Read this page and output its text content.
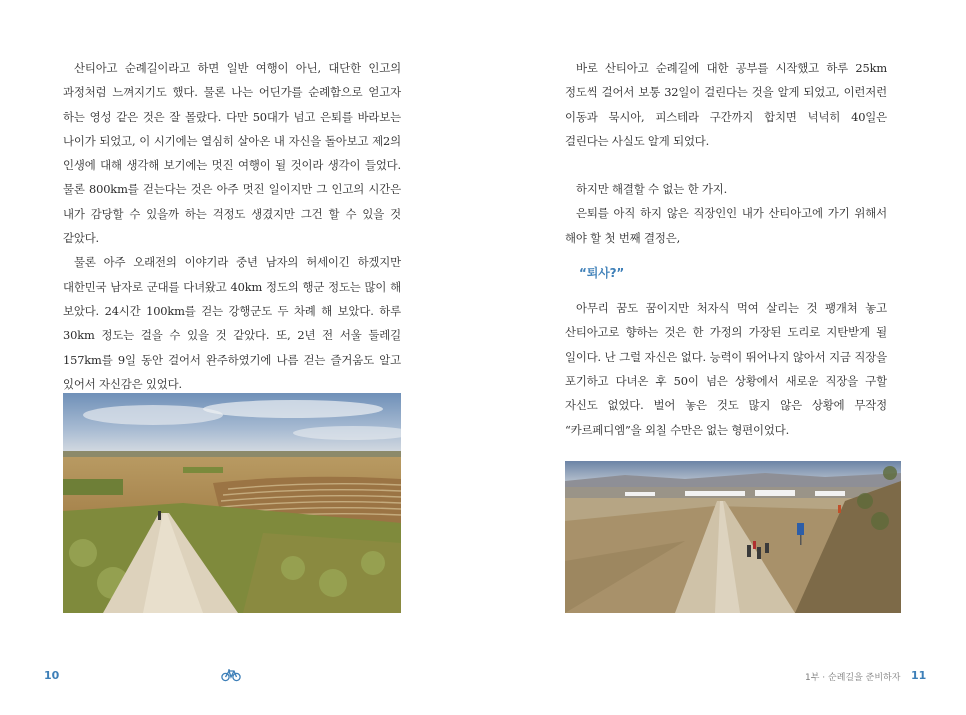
산티아고 순례길이라고 하면 일반 여행이 아닌, 대단한 인고의 과정처럼 느껴지기도 했다. 물론 나는 어딘가를 순례함으로 얻고자 하는 영성 같은 것은 잘 몰랐다. 다만 50대가 넘고 은퇴를 바라보는 나이가 되었고, 이 시기에는 열심히 살아온 내 자신을 돌아보고 제2의 인생에 대해 생각해 보기에는 멋진 여행이 될 것이라 생각이 들었다. 물론 800km를 걷는다는 것은 아주 멋진 일이지만 그 인고의 시간은 내가 감당할 수 있을까 하는 걱정도 생겼지만 그건 할 수 있을 것 같았다.

물론 아주 오래전의 이야기라 중년 남자의 허세이긴 하겠지만 대한민국 남자로 군대를 다녀왔고 40km 정도의 행군 정도는 많이 해 보았다. 24시간 100km를 걷는 강행군도 두 차례 해 보았다. 하루 30km 정도는 걸을 수 있을 것 같았다. 또, 2년 전 서울 둘레길 157km를 9일 동안 걸어서 완주하였기에 나름 걷는 즐거움도 알고 있어서 자신감은 있었다.

10

바로 산티아고 순례길에 대한 공부를 시작했고 하루 25km 정도씩 걸어서 보통 32일이 걸린다는 것을 알게 되었고, 이런저런 이동과 묵시아, 피스테라 구간까지 합치면 넉넉히 40일은 걸린다는 사실도 알게 되었다.

하지만 해결할 수 없는 한 가지.

은퇴를 아직 하지 않은 직장인인 내가 산티아고에 가기 위해서 해야 할 첫 번째 결정은,

“퇴사?”

아무리 꿈도 꿈이지만 처자식 먹여 살리는 것 팽개쳐 놓고 산티아고로 향하는 것은 한 가정의 가장된 도리로 지탄받게 될 일이다. 난 그럴 자신은 없다. 능력이 뛰어나지 않아서 지금 직장을 포기하고 다녀온 후 50이 넘은 상황에서 새로운 직장을 구할 자신도 없었다. 벌어 놓은 것도 많지 않은 상황에 무작정 “카르페디엠”을 외칠 수만은 없는 형편이었다.

1부 · 순례길을 준비하자 11
